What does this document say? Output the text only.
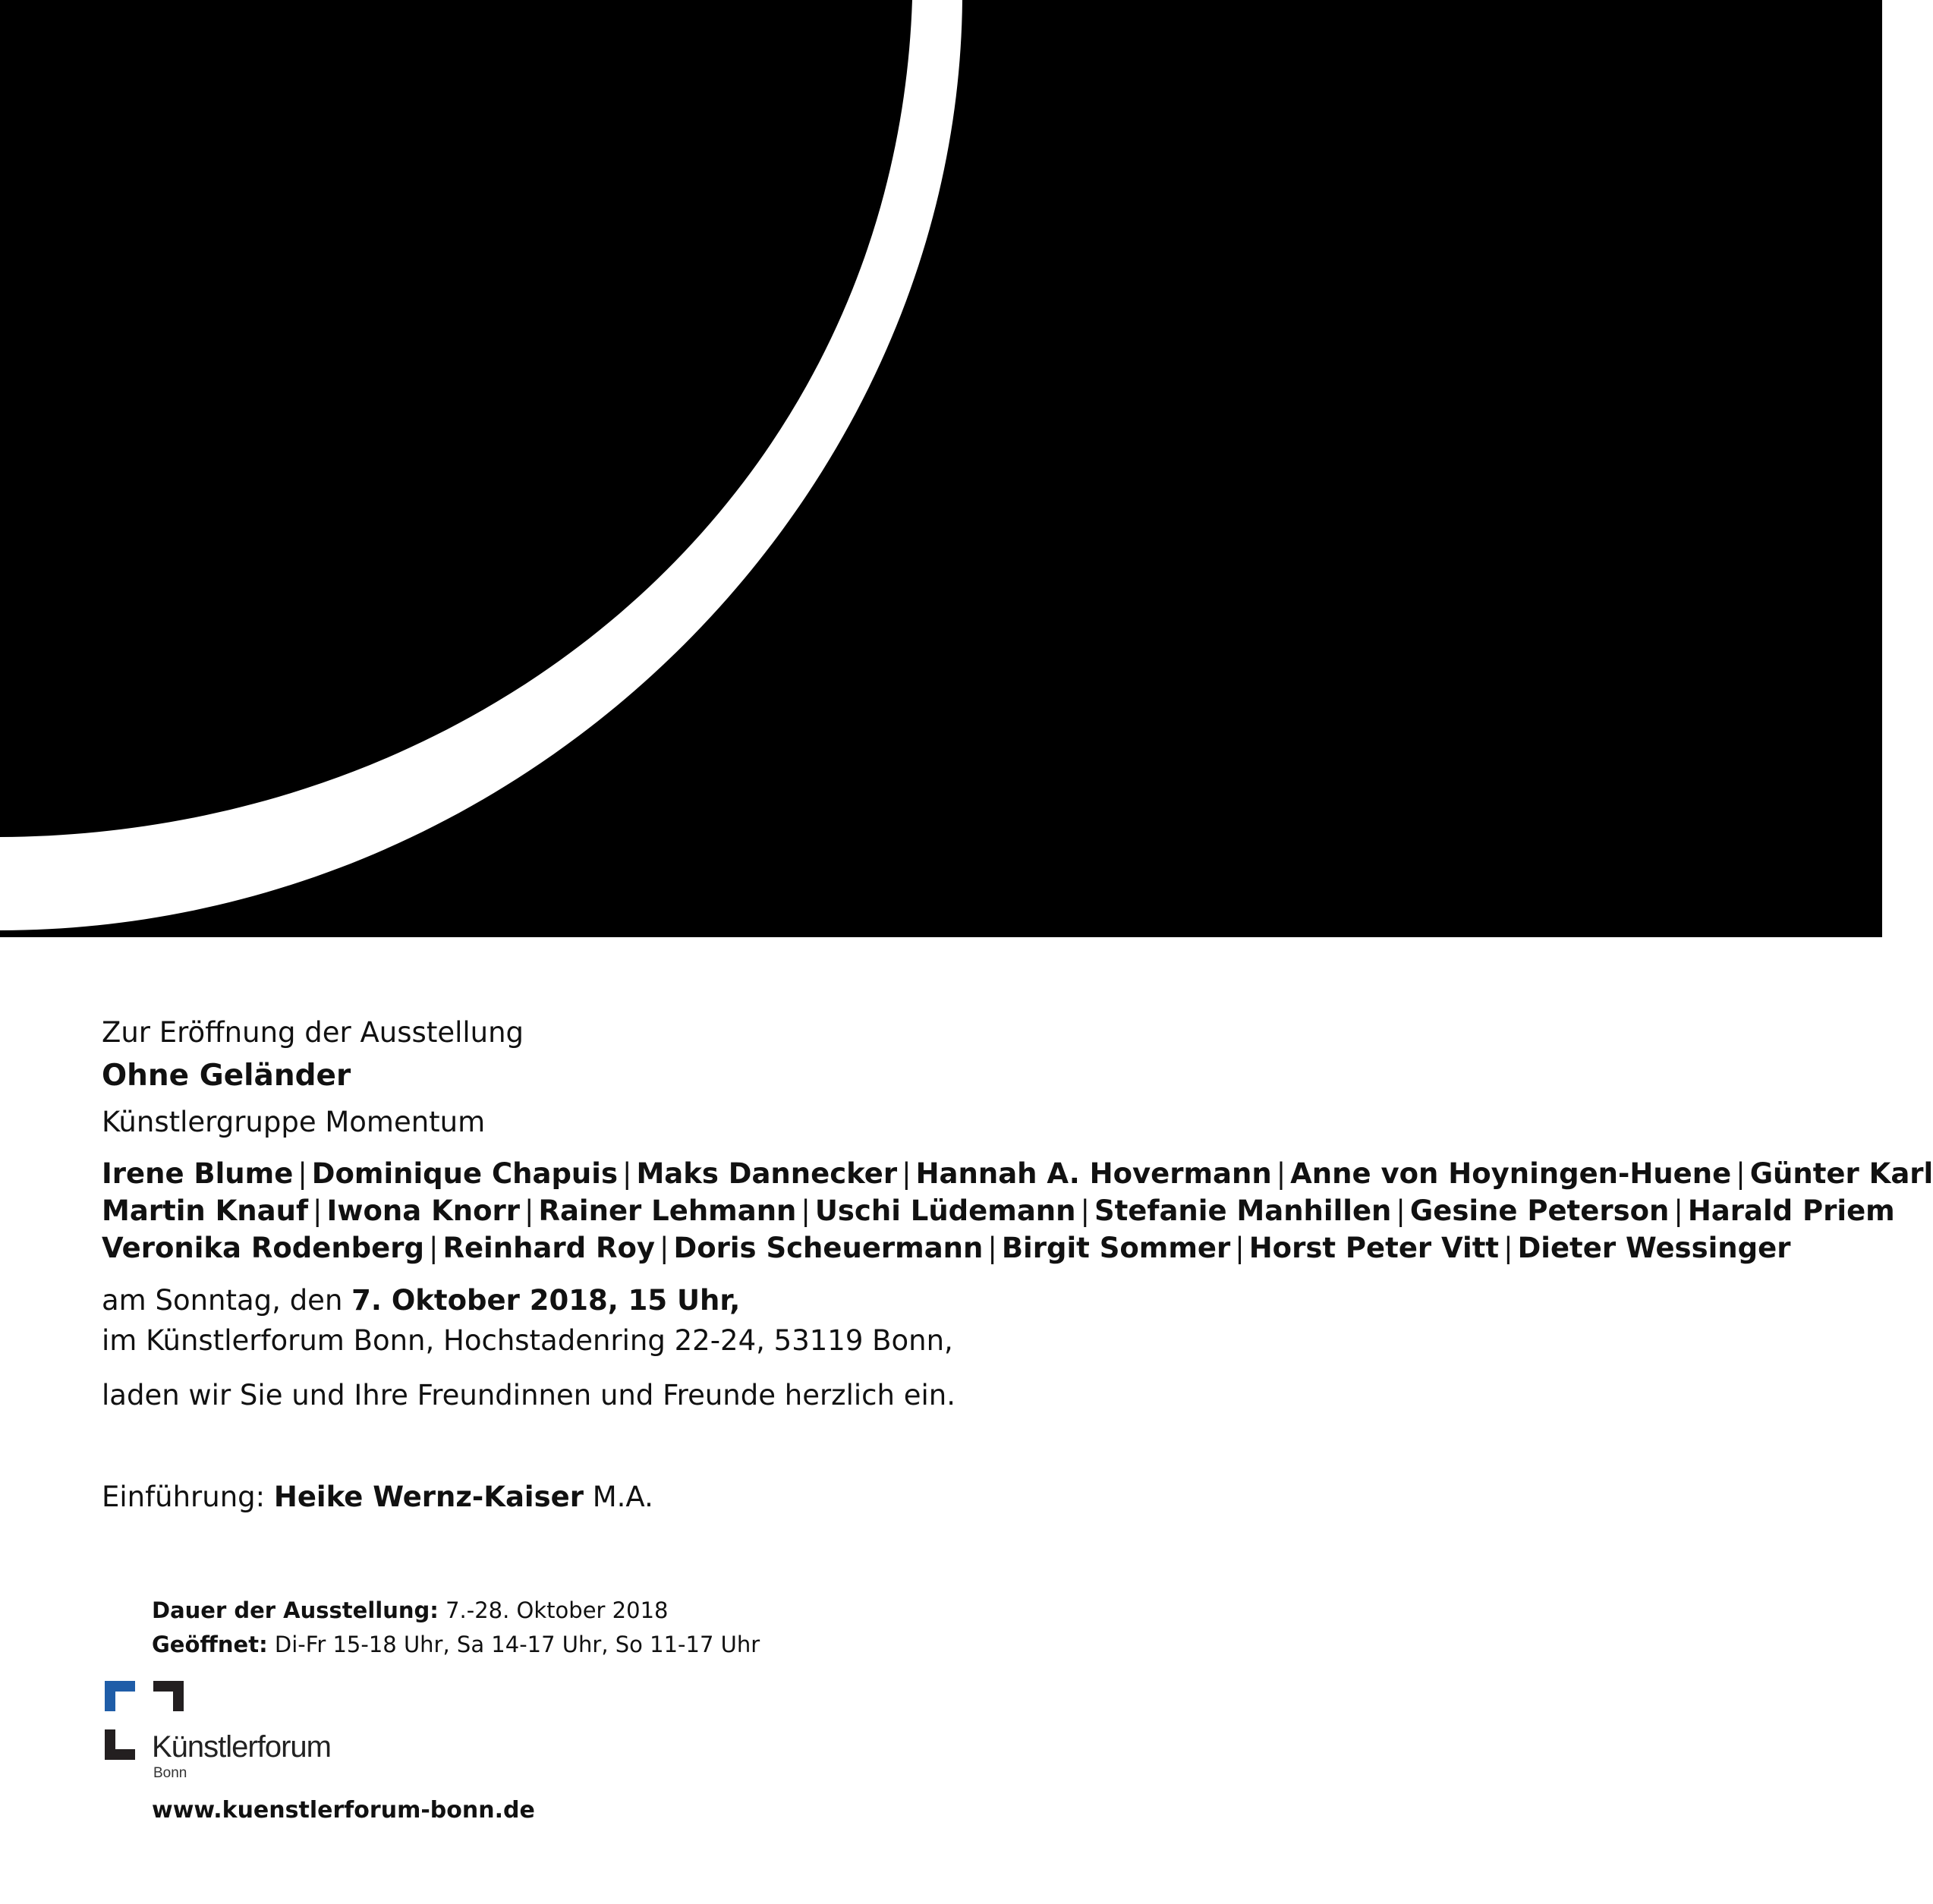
Zur Eröffnung der Ausstellung

Ohne Geländer

Künstlergruppe Momentum

Irene Blume | Dominique Chapuis | Maks Dannecker | Hannah A. Hovermann | Anne von Hoyningen-Huene | Günter Karl
Martin Knauf | Iwona Knorr | Rainer Lehmann | Uschi Lüdemann | Stefanie Manhillen | Gesine Peterson | Harald Priem
Veronika Rodenberg | Reinhard Roy | Doris Scheuermann | Birgit Sommer | Horst Peter Vitt | Dieter Wessinger

am Sonntag, den 7. Oktober 2018, 15 Uhr,

im Künstlerforum Bonn, Hochstadenring 22-24, 53119 Bonn,

laden wir Sie und Ihre Freundinnen und Freunde herzlich ein.

Einführung: Heike Wernz-Kaiser M.A.

Dauer der Ausstellung: 7.-28. Oktober 2018

Geöffnet: Di-Fr 15-18 Uhr, Sa 14-17 Uhr, So 11-17 Uhr

Künstlerforum

Bonn

www.kuenstlerforum-bonn.de
